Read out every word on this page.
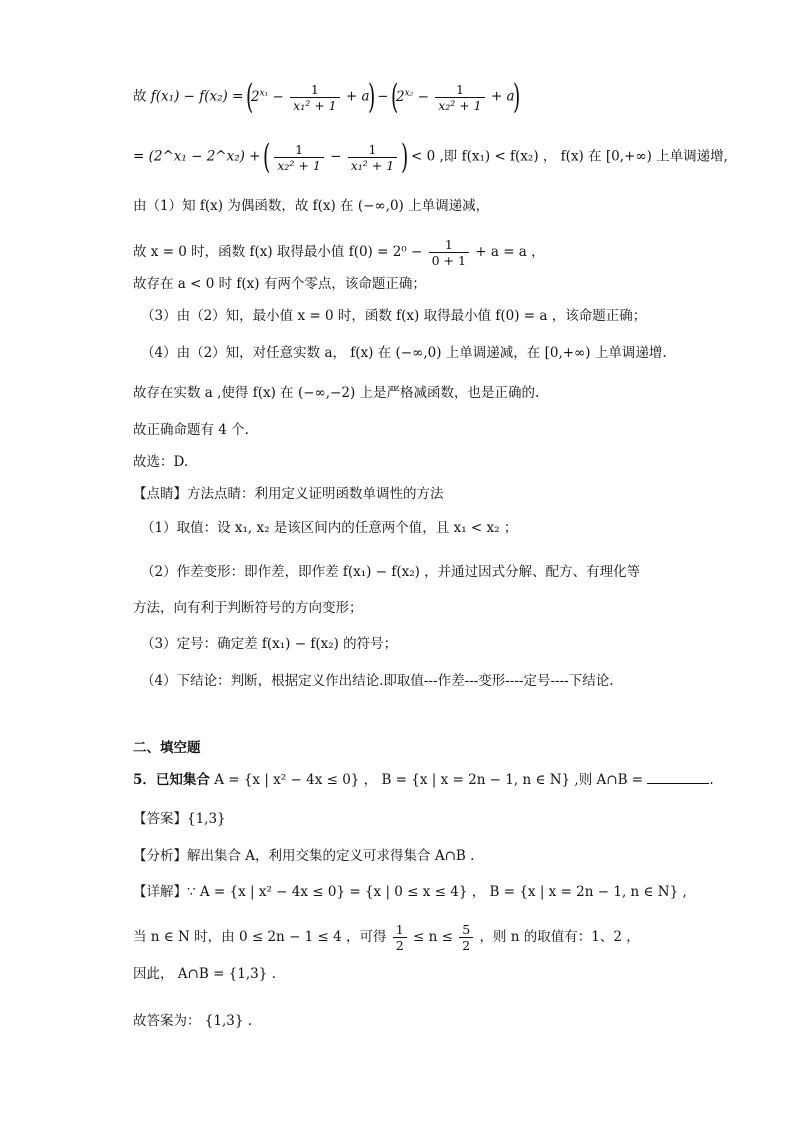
故 $f(x_1) - f(x_2) = (2^{x_1} - \frac{1}{\text{x₁² + 1}} + a) - (2^{x_2} - \frac{1}{\text{x₂² + 1}} + a)$
= (2^x₁ − 2^x₂) + ( $\frac{1}{\text{x₂² + 1}} - \frac{1}{\text{x₁² + 1}}$ ) < 0 ,即 f(x₁) < f(x₂) ， f(x) 在 [0,+∞) 上单调递增,
由（1）知 f(x) 为偶函数，故 f(x) 在 (−∞,0) 上单调递减，
故 x = 0 时，函数 f(x) 取得最小值 $f(0) = 2^0 - \frac{1}{0 + 1} + a = a$ ，
故存在 a < 0 时 f(x) 有两个零点，该命题正确；
（3）由（2）知，最小值 x = 0 时，函数 f(x) 取得最小值 f(0) = a ，该命题正确；
（4）由（2）知，对任意实数 a， f(x) 在 (−∞,0) 上单调递减，在 [0,+∞) 上单调递增.
故存在实数 a ,使得 f(x) 在 (−∞,−2) 上是严格减函数，也是正确的.
故正确命题有 4 个.
故选：D.
【点睛】方法点睛：利用定义证明函数单调性的方法
（1）取值：设 x₁, x₂ 是该区间内的任意两个值，且 x₁ < x₂ ；
（2）作差变形：即作差，即作差 f(x₁) − f(x₂) ，并通过因式分解、配方、有理化等
方法，向有利于判断符号的方向变形；
（3）定号：确定差 f(x₁) − f(x₂) 的符号；
（4）下结论：判断，根据定义作出结论.即取值---作差---变形----定号----下结论.
二、填空题
5．已知集合 A = {x | x² − 4x ≤ 0} ， B = {x | x = 2n − 1, n ∈ N} ,则 A∩B =	.
【答案】{1,3}
【分析】解出集合 A，利用交集的定义可求得集合 A∩B .
【详解】∵ A = {x | x² − 4x ≤ 0} = {x | 0 ≤ x ≤ 4} ， B = {x | x = 2n − 1, n ∈ N} ,
当 n ∈ N 时，由 0 ≤ 2n − 1 ≤ 4 ，可得 $\frac{1}{2} \le n \le \frac{5}{2}$ ，则 n 的取值有：1、2 ，
因此， A∩B = {1,3} .
故答案为： {1,3} .
